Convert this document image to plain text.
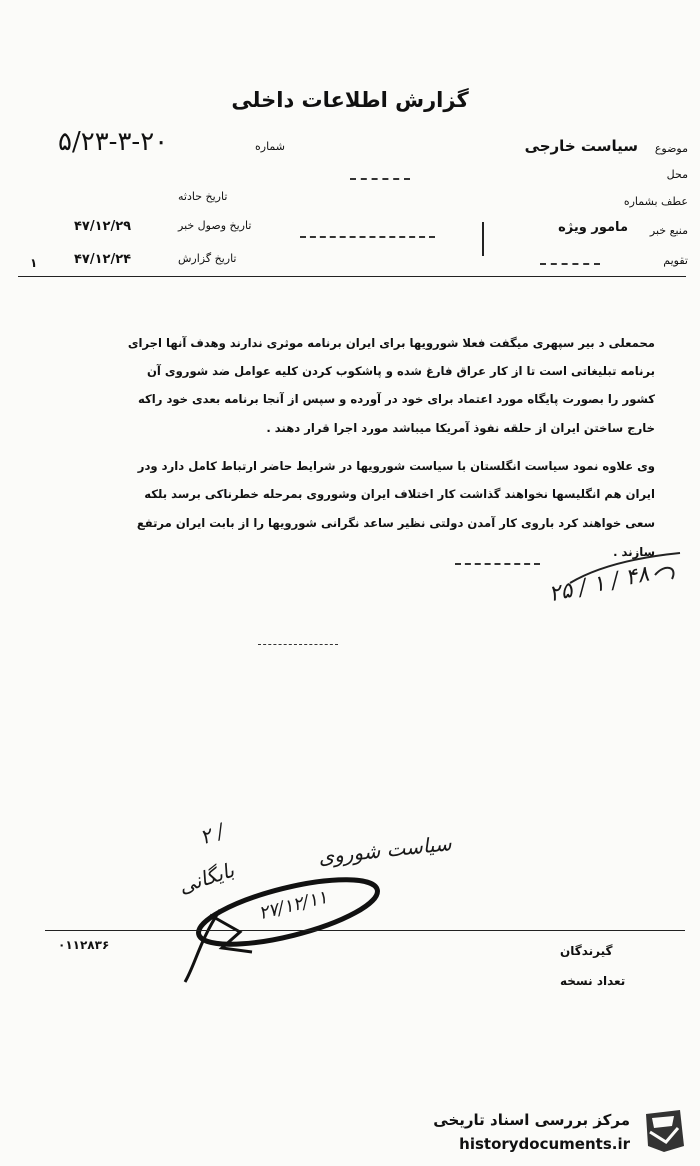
گزارش اطلاعات داخلی
موضوع
سیاست خارجی
شماره
۵/۲۳-۳-۲۰
محل
عطف بشماره
تاریخ حادثه
منبع خبر
مامور ویژه
تاریخ وصول خبر
۴۷/۱۲/۲۹
تقویم
تاریخ گزارش
۴۷/۱۲/۲۴
۱
محمعلی د بیر سپهری میگفت فعلا شورویها برای ایران برنامه موثری ندارند وهدف آنها اجرای
برنامه تبلیغاتی است تا از کار عراق فارغ شده و پاشکوب کردن کلیه عوامل ضد شوروی آن
کشور را بصورت پایگاه مورد اعتماد برای خود در آورده و سپس از آنجا برنامه بعدی خود راکه
خارج ساختن ایران از حلقه نفوذ آمریکا میباشد مورد اجرا قرار دهند .
وی علاوه نمود سیاست انگلستان با سیاست شورویها در شرایط حاضر ارتباط کامل دارد ودر
ایران هم انگلیسها نخواهند گذاشت کار اختلاف ایران وشوروی بمرحله خطرناکی برسد بلکه
سعی خواهند کرد باروی کار آمدن دولتی نظیر ساعد نگرانی شورویها را از بابت ایران مرتفع
سازند .
۲۵ / ۱ / ۴۸
۲ /	سیاست شوروی
بایگانی
۲۷/۱۲/۱۱
۰۱۱۲۸۳۶	گیرندگان
تعداد نسخه
مرکز بررسی اسناد تاریخی
historydocuments.ir
